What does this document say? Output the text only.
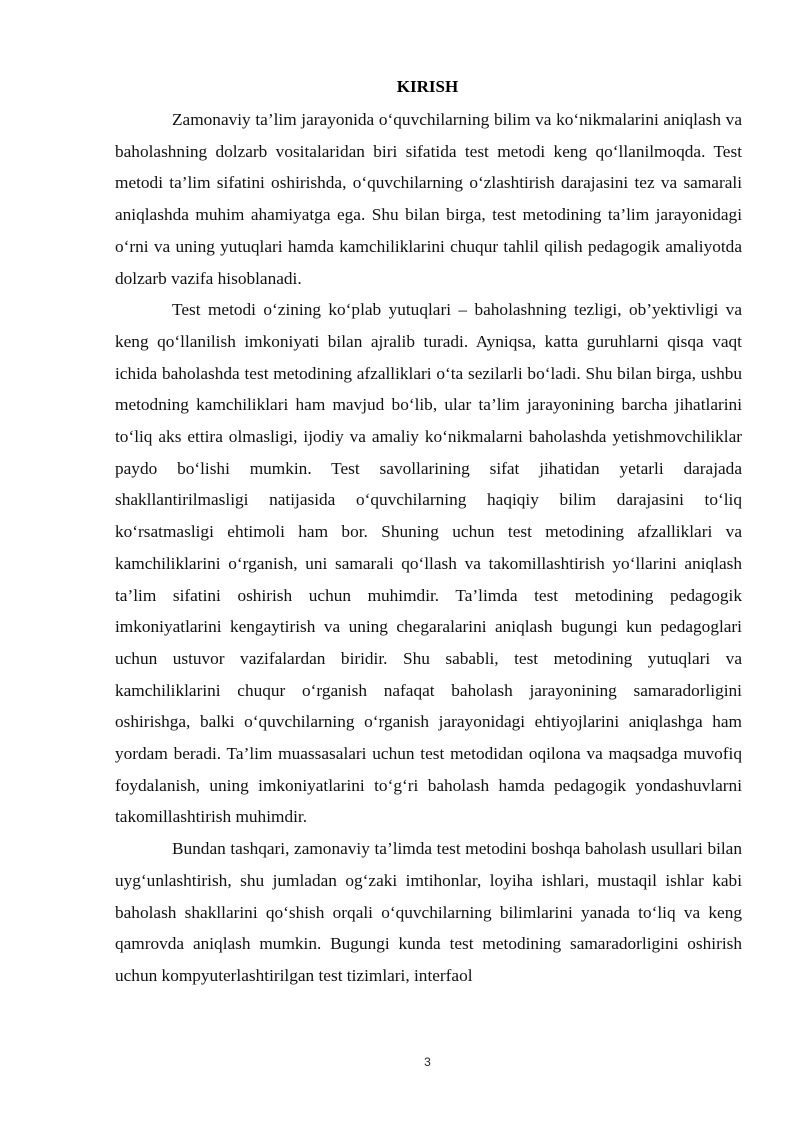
KIRISH

Zamonaviy ta’lim jarayonida o‘quvchilarning bilim va ko‘nikmalarini aniqlash va baholashning dolzarb vositalaridan biri sifatida test metodi keng qo‘llanilmoqda. Test metodi ta’lim sifatini oshirishda, o‘quvchilarning o‘zlashtirish darajasini tez va samarali aniqlashda muhim ahamiyatga ega. Shu bilan birga, test metodining ta’lim jarayonidagi o‘rni va uning yutuqlari hamda kamchiliklarini chuqur tahlil qilish pedagogik amaliyotda dolzarb vazifa hisoblanadi.

Test metodi o‘zining ko‘plab yutuqlari – baholashning tezligi, ob’yektivligi va keng qo‘llanilish imkoniyati bilan ajralib turadi. Ayniqsa, katta guruhlarni qisqa vaqt ichida baholashda test metodining afzalliklari o‘ta sezilarli bo‘ladi. Shu bilan birga, ushbu metodning kamchiliklari ham mavjud bo‘lib, ular ta’lim jarayonining barcha jihatlarini to‘liq aks ettira olmasligi, ijodiy va amaliy ko‘nikmalarni baholashda yetishmovchiliklar paydo bo‘lishi mumkin. Test savollarining sifat jihatidan yetarli darajada shakllantirilmasligi natijasida o‘quvchilarning haqiqiy bilim darajasini to‘liq ko‘rsatmasligi ehtimoli ham bor. Shuning uchun test metodining afzalliklari va kamchiliklarini o‘rganish, uni samarali qo‘llash va takomillashtirish yo‘llarini aniqlash ta’lim sifatini oshirish uchun muhimdir. Ta’limda test metodining pedagogik imkoniyatlarini kengaytirish va uning chegaralarini aniqlash bugungi kun pedagoglari uchun ustuvor vazifalardan biridir. Shu sababli, test metodining yutuqlari va kamchiliklarini chuqur o‘rganish nafaqat baholash jarayonining samaradorligini oshirishga, balki o‘quvchilarning o‘rganish jarayonidagi ehtiyojlarini aniqlashga ham yordam beradi. Ta’lim muassasalari uchun test metodidan oqilona va maqsadga muvofiq foydalanish, uning imkoniyatlarini to‘g‘ri baholash hamda pedagogik yondashuvlarni takomillashtirish muhimdir.

Bundan tashqari, zamonaviy ta’limda test metodini boshqa baholash usullari bilan uyg‘unlashtirish, shu jumladan og‘zaki imtihonlar, loyiha ishlari, mustaqil ishlar kabi baholash shakllarini qo‘shish orqali o‘quvchilarning bilimlarini yanada to‘liq va keng qamrovda aniqlash mumkin. Bugungi kunda test metodining samaradorligini oshirish uchun kompyuterlashtirilgan test tizimlari, interfaol

3
